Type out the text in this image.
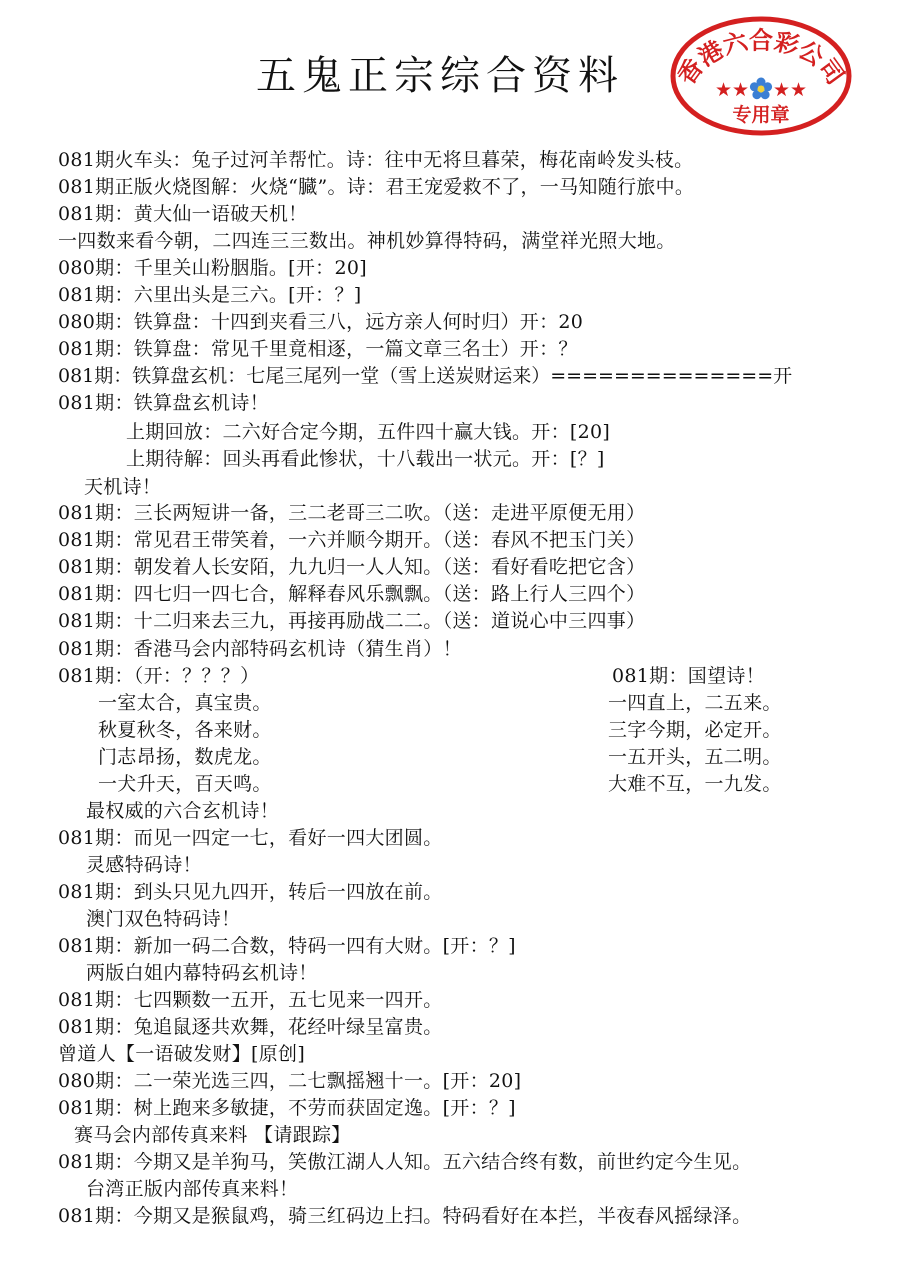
五鬼正宗综合资料	香港六合彩公司
★★ ★★
专用章
081期火车头：兔子过河羊帮忙。诗：往中无将旦暮荣，梅花南岭发头枝。
081期正版火烧图解：火烧“臓”。诗：君王宠爱救不了，一马知随行旅中。
081期：黄大仙一语破天机！
一四数来看今朝，二四连三三数出。神机妙算得特码，满堂祥光照大地。
080期：千里关山粉胭脂。[开：20]
081期：六里出头是三六。[开：？]
080期：铁算盘：十四到夹看三八，远方亲人何时归）开：20
081期：铁算盘：常见千里竟相逐，一篇文章三名士）开：？
081期：铁算盘玄机：七尾三尾列一堂（雪上送炭财运来）==============开
081期：铁算盘玄机诗！
上期回放：二六好合定今期，五件四十赢大钱。开：[20]
上期待解：回头再看此惨状，十八载出一状元。开：[？]
天机诗！
081期：三长两短讲一备，三二老哥三二吹。（送：走进平原便无用）
081期：常见君王带笑着，一六并顺今期开。（送：春风不把玉门关）
081期：朝发着人长安陌，九九归一人人知。（送：看好看吃把它含）
081期：四七归一四七合，解释春风乐飘飘。（送：路上行人三四个）
081期：十二归来去三九，再接再励战二二。（送：道说心中三四事）
081期：香港马会内部特码玄机诗（猜生肖）！
081期：（开：？？？）
一室太合，真宝贵。
秋夏秋冬，各来财。
门志昂扬，数虎龙。
一犬升天，百天鸣。
081期：国望诗！
一四直上，二五来。
三字今期，必定开。
一五开头，五二明。
大难不互，一九发。
最权威的六合玄机诗！
081期：而见一四定一七，看好一四大团圆。
灵感特码诗！
081期：到头只见九四开，转后一四放在前。
澳门双色特码诗！
081期：新加一码二合数，特码一四有大财。[开：？]
两版白姐内幕特码玄机诗！
081期：七四颗数一五开，五七见来一四开。
081期：兔追鼠逐共欢舞，花经叶绿呈富贵。
曾道人【一语破发财】[原创]
080期：二一荣光选三四，二七飘摇翘十一。[开：20]
081期：树上跑来多敏捷，不劳而获固定逸。[开：？]
赛马会内部传真来料 【请跟踪】
081期：今期又是羊狗马，笑傲江湖人人知。五六结合终有数，前世约定今生见。
台湾正版内部传真来料！
081期：今期又是猴鼠鸡，骑三红码边上扫。特码看好在本拦，半夜春风摇绿泽。
